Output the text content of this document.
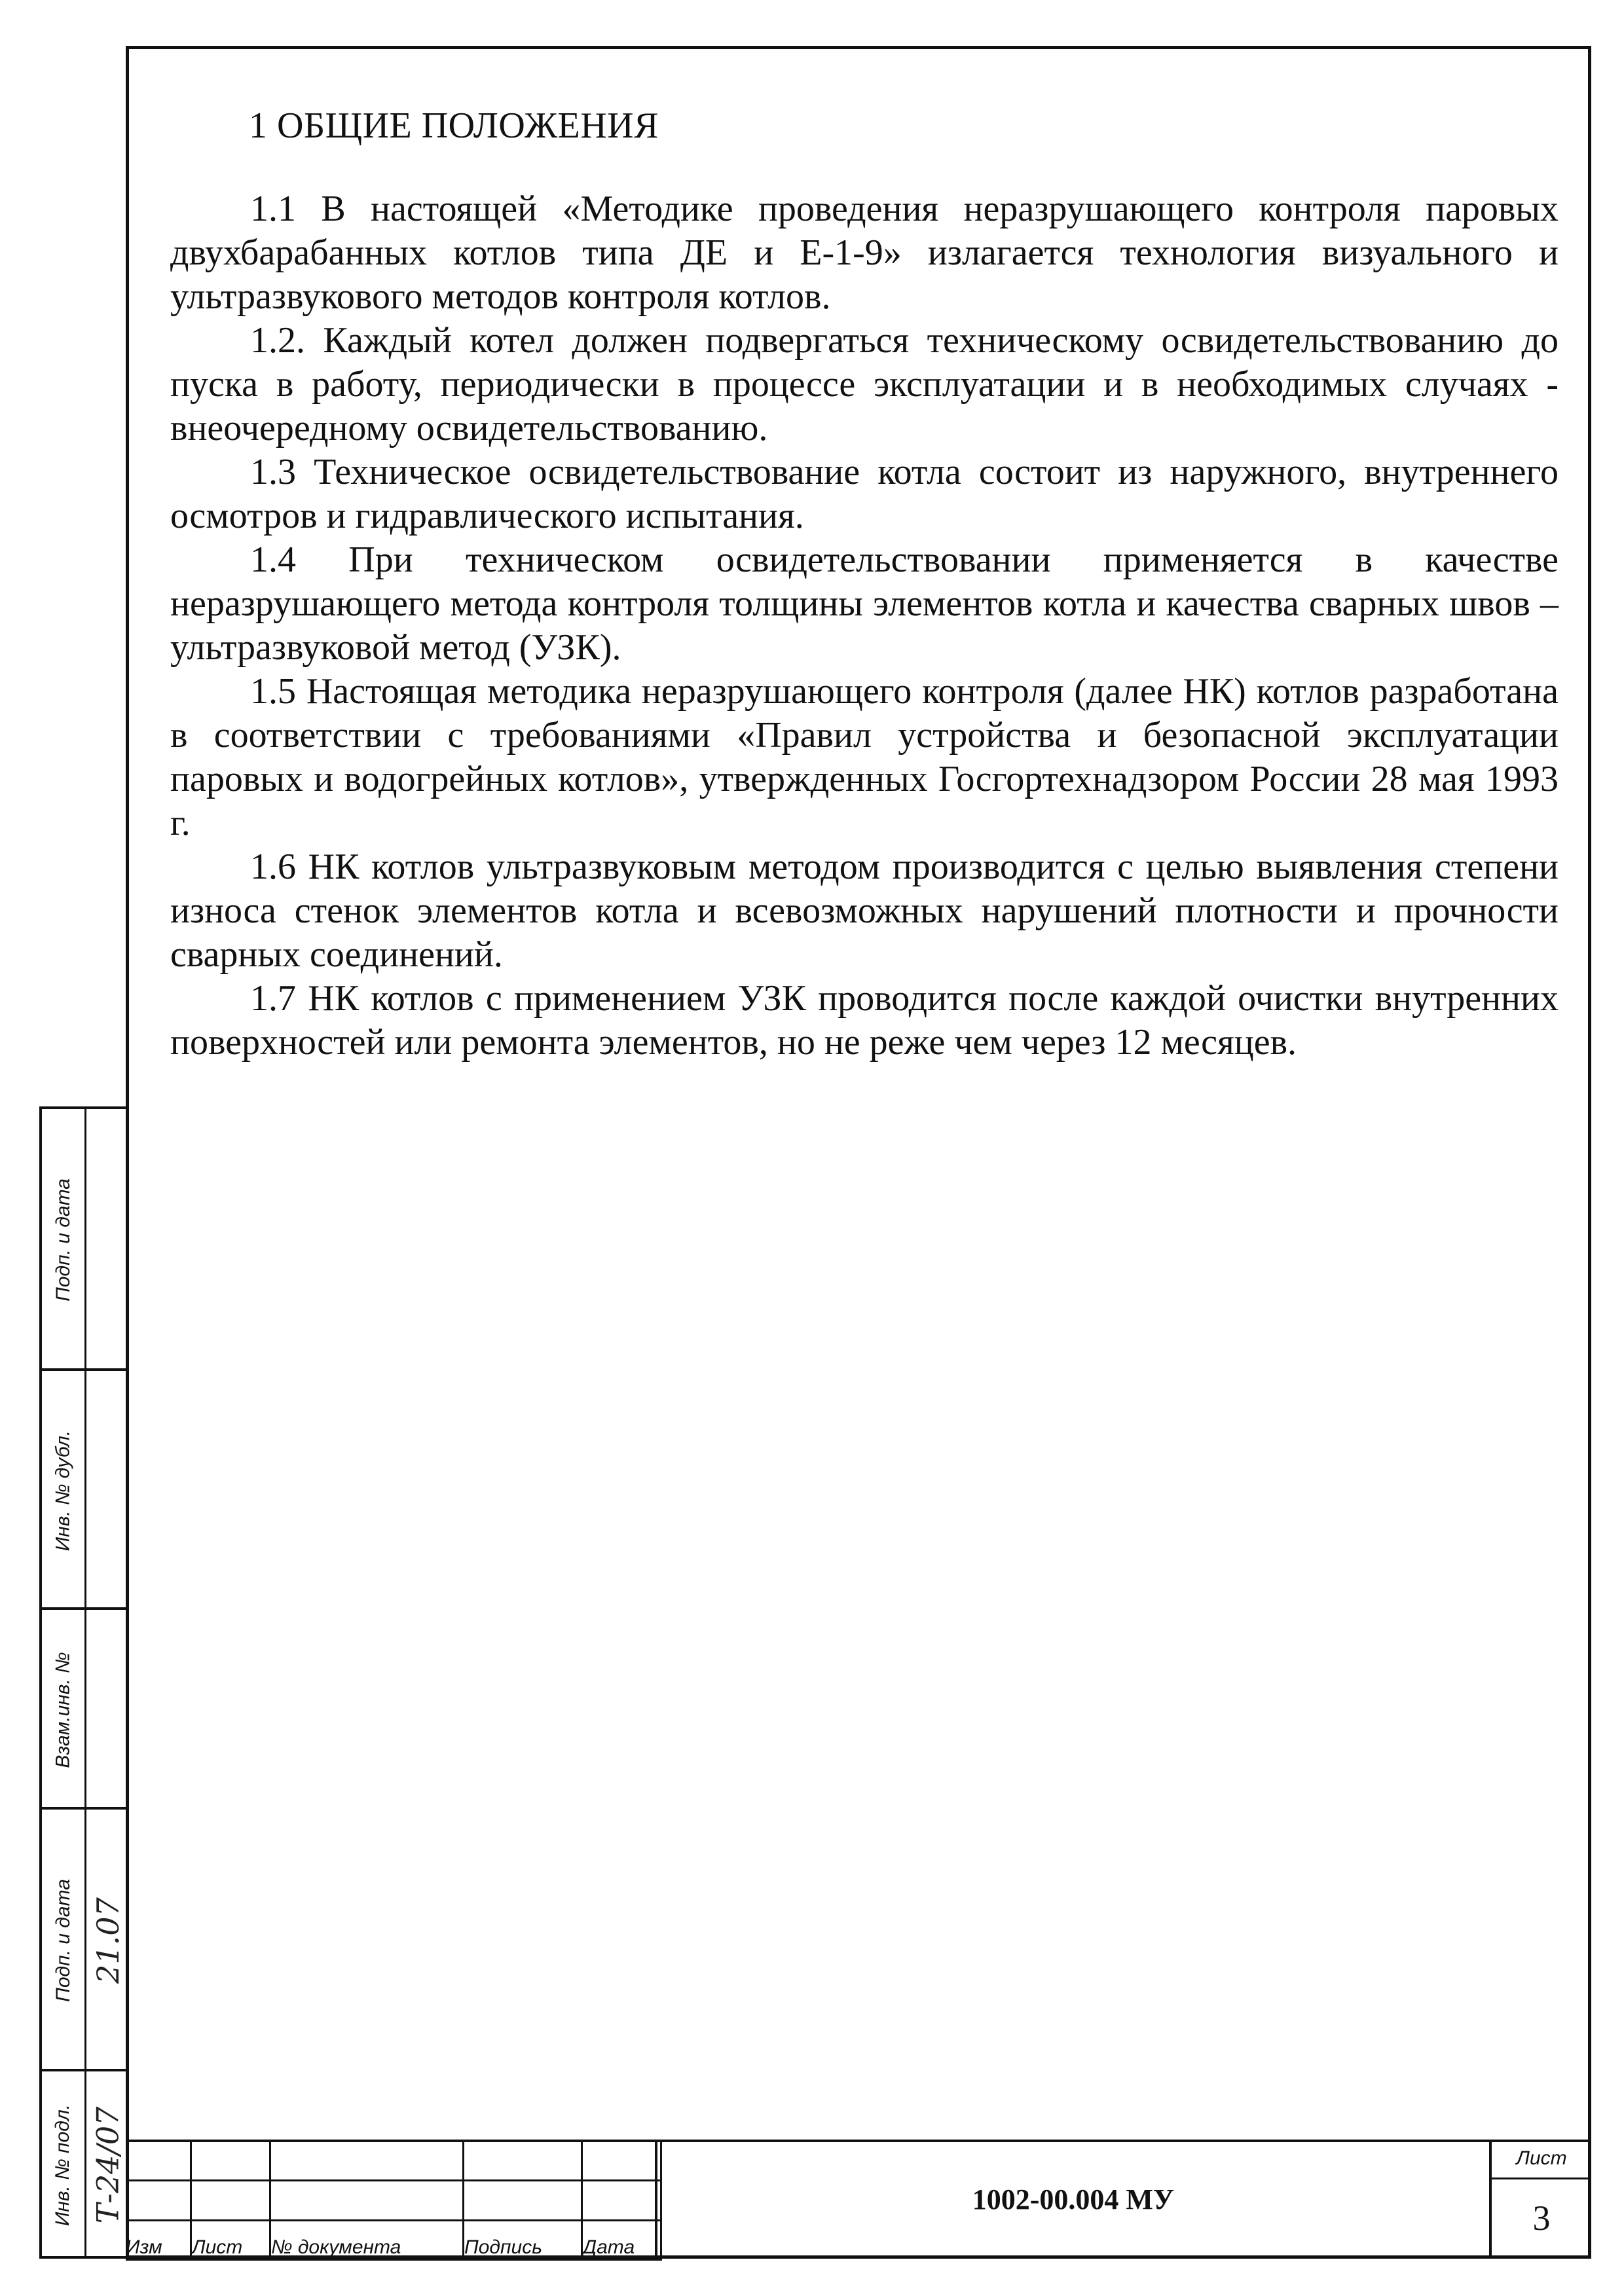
1 ОБЩИЕ ПОЛОЖЕНИЯ

1.1 В настоящей «Методике проведения неразрушающего контроля паровых двухбарабанных котлов типа ДЕ и Е-1-9» излагается технология визуального и ультразвукового методов контроля котлов.

1.2. Каждый котел должен подвергаться техническому освидетельствованию до пуска в работу, периодически в процессе эксплуатации и в необходимых случаях - внеочередному освидетельствованию.

1.3 Техническое освидетельствование котла состоит из наружного, внутреннего осмотров и гидравлического испытания.

1.4 При техническом освидетельствовании применяется в качестве неразрушающего метода контроля толщины элементов котла и качества сварных швов – ультразвуковой метод (УЗК).

1.5 Настоящая методика неразрушающего контроля (далее НК) котлов разработана в соответствии с требованиями «Правил устройства и безопасной эксплуатации паровых и водогрейных котлов», утвержденных Госгортехнадзором России 28 мая 1993 г.

1.6 НК котлов ультразвуковым методом производится с целью выявления степени износа стенок элементов котла и всевозможных нарушений плотности и прочности сварных соединений.

1.7 НК котлов с применением УЗК проводится после каждой очистки внутренних поверхностей или ремонта элементов, но не реже чем через 12 месяцев.

Подп. и дата
Инв. № дубл.
Взам.инв. №
Подп. и дата 21.07
Инв. № подл. Т-24/07

Изм	Лист	№ документа	Подпись	Дата
1002-00.004 МУ
Лист
3
